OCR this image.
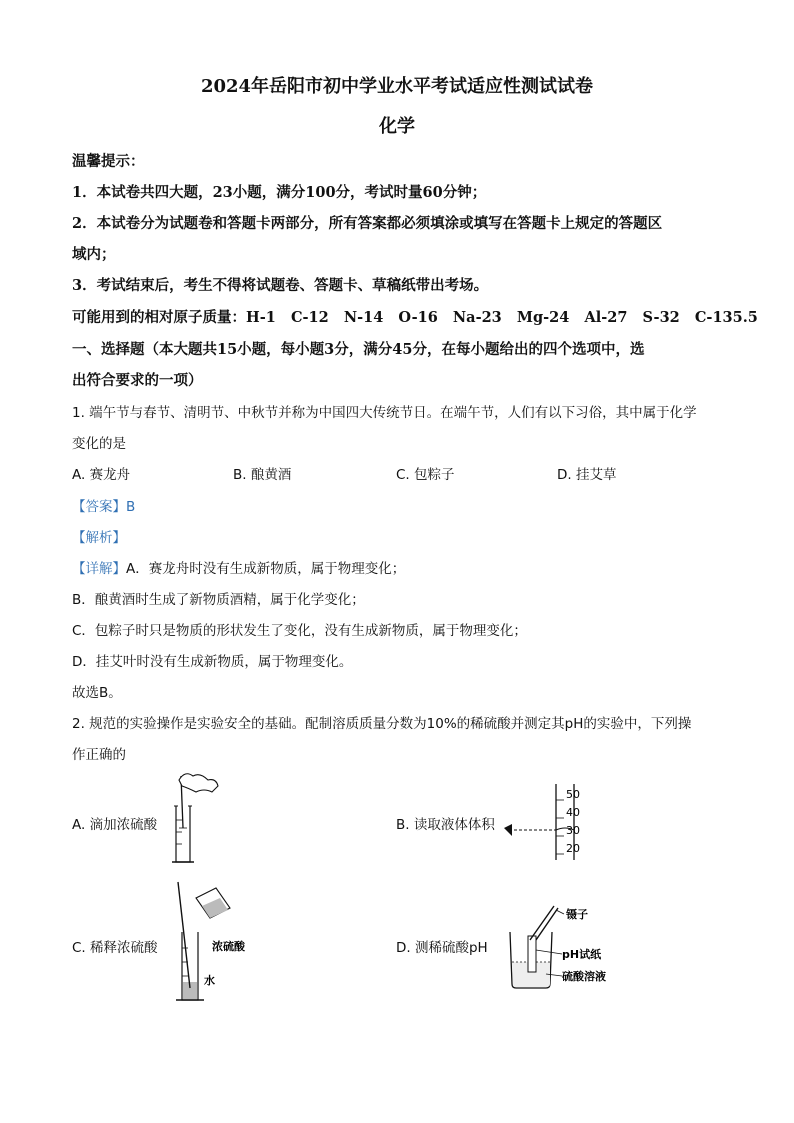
2024年岳阳市初中学业水平考试适应性测试试卷
化学
温馨提示：
1．本试卷共四大题，23小题，满分100分，考试时量60分钟；
2．本试卷分为试题卷和答题卡两部分，所有答案都必须填涂或填写在答题卡上规定的答题区
域内；
3．考试结束后，考生不得将试题卷、答题卡、草稿纸带出考场。
可能用到的相对原子质量：H-1   C-12   N-14   O-16   Na-23   Mg-24   Al-27   S-32   C-135.5
一、选择题（本大题共15小题，每小题3分，满分45分，在每小题给出的四个选项中，选
出符合要求的一项）
1. 端午节与春节、清明节、中秋节并称为中国四大传统节日。在端午节，人们有以下习俗，其中属于化学
变化的是
A. 赛龙舟	B. 酿黄酒	C. 包粽子	D. 挂艾草
【答案】B
【解析】
【详解】A．赛龙舟时没有生成新物质，属于物理变化；
B．酿黄酒时生成了新物质酒精，属于化学变化；
C．包粽子时只是物质的形状发生了变化，没有生成新物质，属于物理变化；
D．挂艾叶时没有生成新物质，属于物理变化。
故选B。
2. 规范的实验操作是实验安全的基础。配制溶质质量分数为10%的稀硫酸并测定其pH的实验中，下列操
作正确的
A. 滴加浓硫酸	B. 读取液体体积
50
40
30
20
C. 稀释浓硫酸	浓硫酸
水
D. 测稀硫酸pH
镊子
pH试纸
硫酸溶液
